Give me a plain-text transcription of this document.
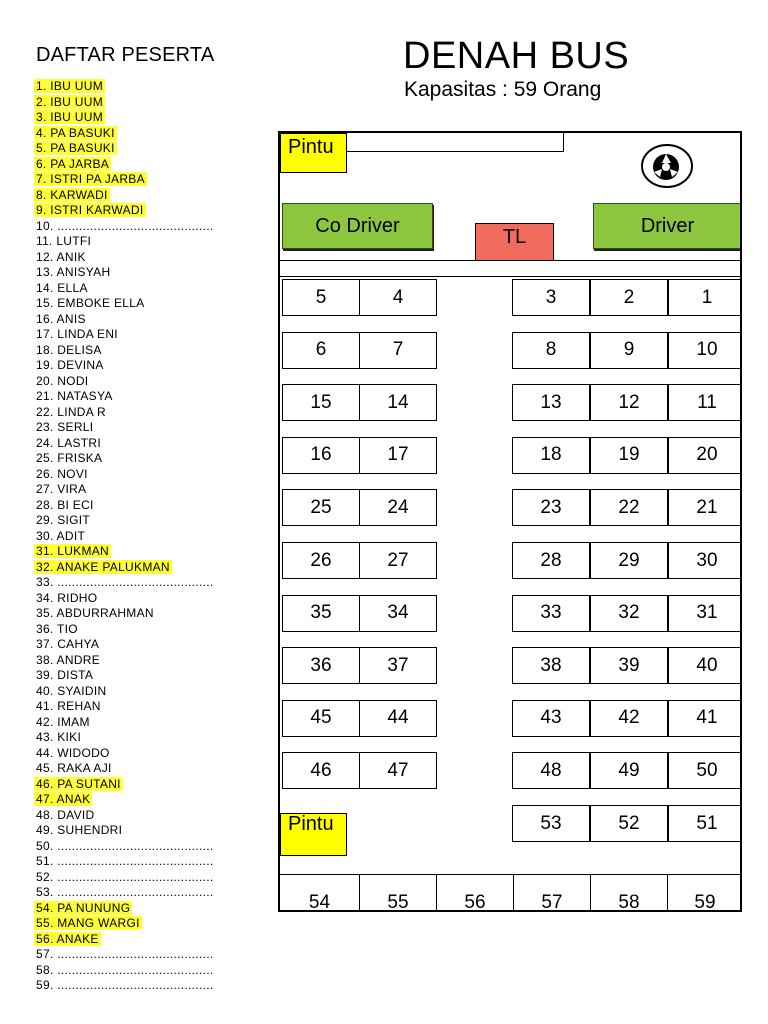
DAFTAR PESERTA
1. IBU UUM
2. IBU UUM
3. IBU UUM
4. PA BASUKI
5. PA BASUKI
6. PA JARBA
7. ISTRI PA JARBA
8. KARWADI
9. ISTRI KARWADI
10. ...........................................
11. LUTFI
12. ANIK
13. ANISYAH
14. ELLA
15. EMBOKE ELLA
16. ANIS
17. LINDA ENI
18. DELISA
19. DEVINA
20. NODI
21. NATASYA
22. LINDA R
23. SERLI
24. LASTRI
25. FRISKA
26. NOVI
27. VIRA
28. BI ECI
29. SIGIT
30. ADIT
31. LUKMAN
32. ANAKE PALUKMAN
33. ...........................................
34. RIDHO
35. ABDURRAHMAN
36. TIO
37. CAHYA
38. ANDRE
39. DISTA
40. SYAIDIN
41. REHAN
42. IMAM
43. KIKI
44. WIDODO
45. RAKA AJI
46. PA SUTANI
47. ANAK
48. DAVID
49. SUHENDRI
50. ...........................................
51. ...........................................
52. ...........................................
53. ...........................................
54. PA NUNUNG
55. MANG WARGI
56. ANAKE
57. ...........................................
58. ...........................................
59. ...........................................
DENAH BUS
Kapasitas : 59 Orang
Pintu
Co Driver	Driver
TL
5	4	3	2	1
6	7	8	9	10
15	14	13	12	11
16	17	18	19	20
25	24	23	22	21
26	27	28	29	30
35	34	33	32	31
36	37	38	39	40
45	44	43	42	41
46	47	48	49	50
53	52	51
Pintu
54	55	56	57	58	59
